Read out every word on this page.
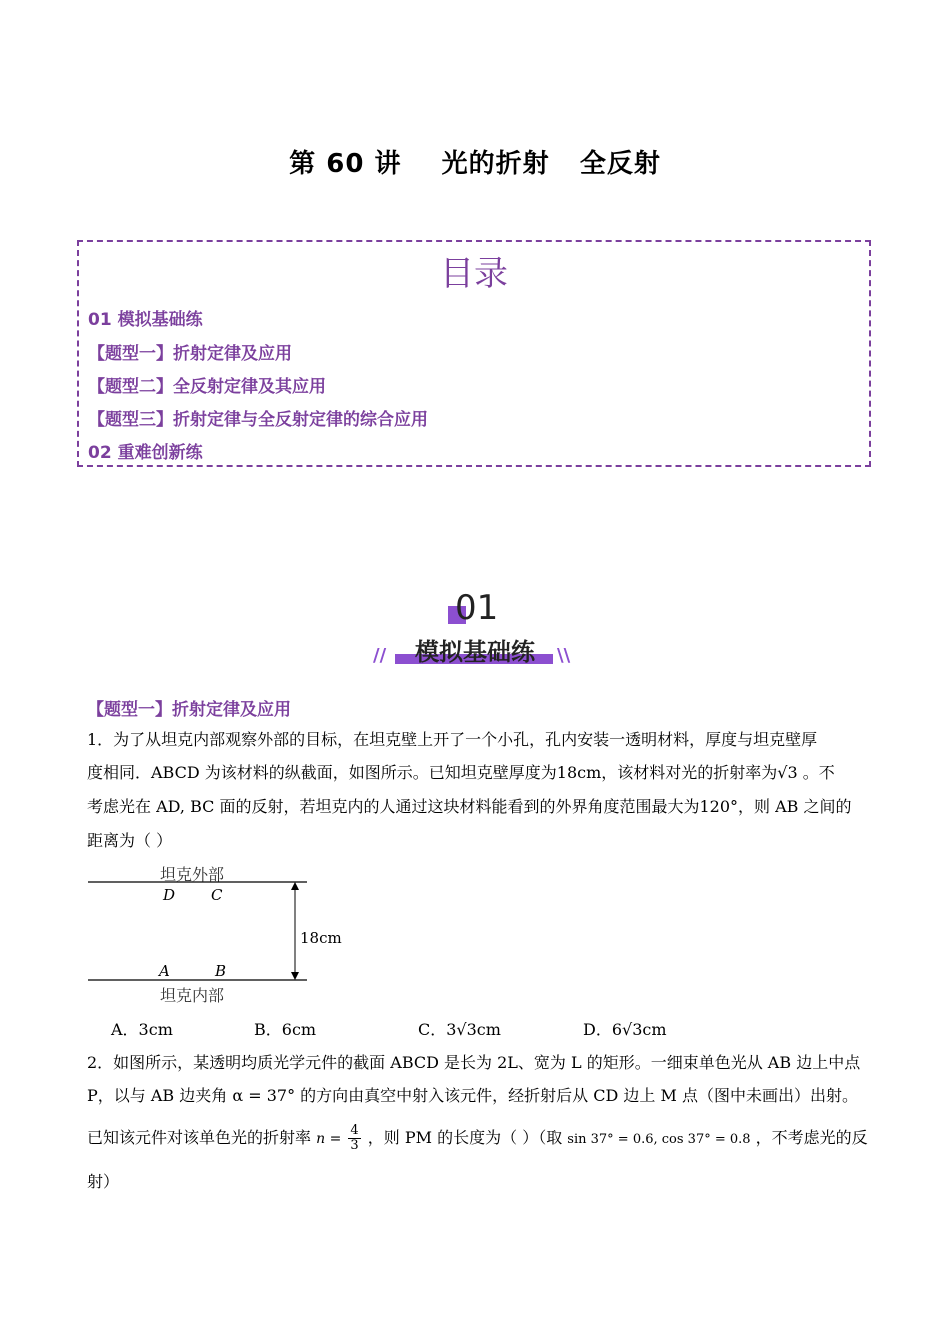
第 60 讲    光的折射   全反射
目录
01 模拟基础练
【题型一】折射定律及应用
【题型二】全反射定律及其应用
【题型三】折射定律与全反射定律的综合应用
02 重难创新练
01
模拟基础练
//	\\
【题型一】折射定律及应用
1．为了从坦克内部观察外部的目标，在坦克壁上开了一个小孔，孔内安装一透明材料，厚度与坦克壁厚
度相同．ABCD 为该材料的纵截面，如图所示。已知坦克壁厚度为18cm，该材料对光的折射率为√3 。不
考虑光在 AD, BC 面的反射，若坦克内的人通过这块材料能看到的外界角度范围最大为120°，则 AB 之间的
距离为（ ）
坦克外部
坦克内部
D C
A	B
18cm
A．3cm	B．6cm	C．3√3cm	D．6√3cm
2．如图所示，某透明均质光学元件的截面 ABCD 是长为 2L、宽为 L 的矩形。一细束单色光从 AB 边上中点
P，以与 AB 边夹角 α = 37° 的方向由真空中射入该元件，经折射后从 CD 边上 M 点（图中未画出）出射。
已知该元件对该单色光的折射率 $n = \frac{4}{3}$ ，则 PM 的长度为（ ）（取 sin 37° = 0.6, cos 37° = 0.8 ，不考虑光的反
射）
